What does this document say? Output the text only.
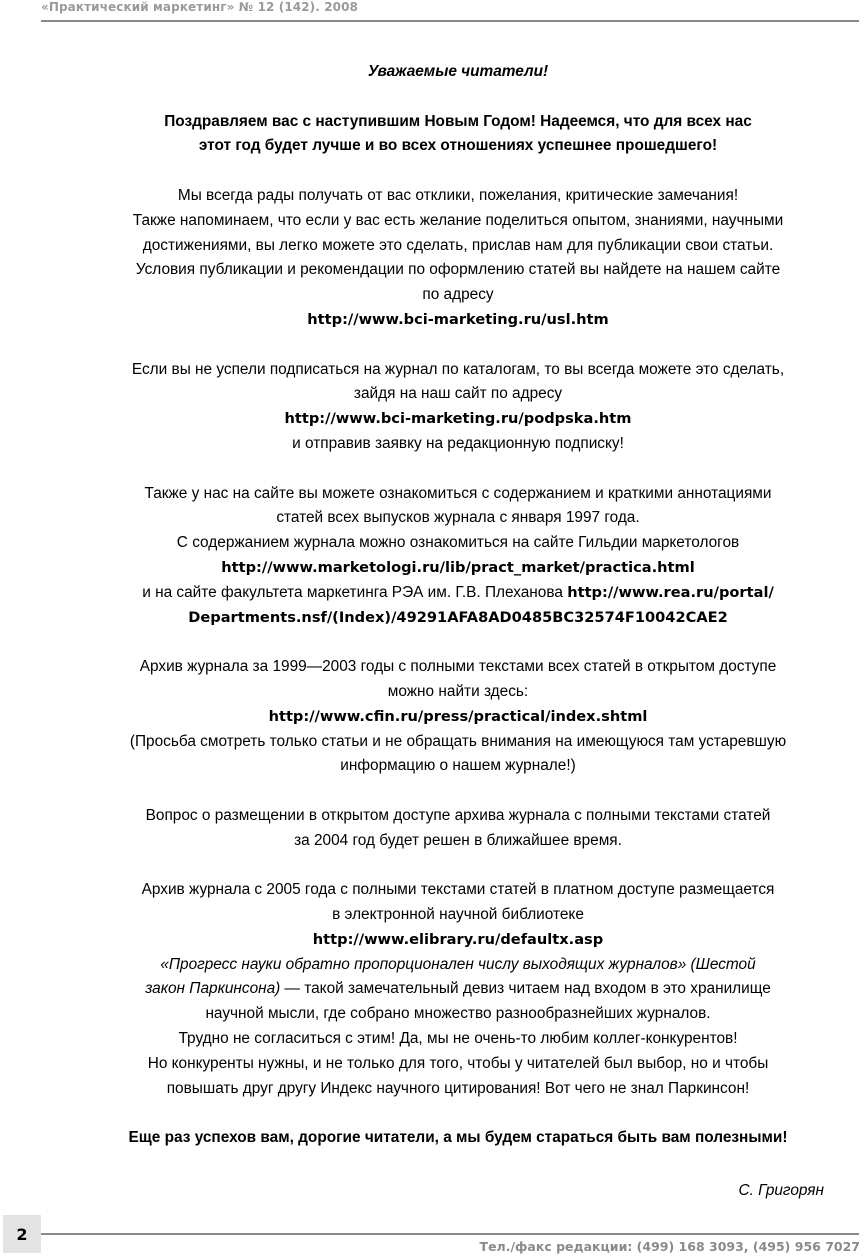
«Практический маркетинг» № 12 (142). 2008

Уважаемые читатели!

Поздравляем вас с наступившим Новым Годом! Надеемся, что для всех нас

этот год будет лучше и во всех отношениях успешнее прошедшего!

Мы всегда рады получать от вас отклики, пожелания, критические замечания!

Также напоминаем, что если у вас есть желание поделиться опытом, знаниями, научными

достижениями, вы легко можете это сделать, прислав нам для публикации свои статьи.

Условия публикации и рекомендации по оформлению статей вы найдете на нашем сайте

по адресу

http://www.bci-marketing.ru/usl.htm

Если вы не успели подписаться на журнал по каталогам, то вы всегда можете это сделать,

зайдя на наш сайт по адресу

http://www.bci-marketing.ru/podpska.htm

и отправив заявку на редакционную подписку!

Также у нас на сайте вы можете ознакомиться с содержанием и краткими аннотациями

статей всех выпусков журнала с января 1997 года.

С содержанием журнала можно ознакомиться на сайте Гильдии маркетологов

http://www.marketologi.ru/lib/pract_market/practica.html

и на сайте факультета маркетинга РЭА им. Г.В. Плеханова http://www.rea.ru/portal/

Departments.nsf/(Index)/49291AFA8AD0485BC32574F10042CAE2

Архив журнала за 1999—2003 годы с полными текстами всех статей в открытом доступе

можно найти здесь:

http://www.cfin.ru/press/practical/index.shtml

(Просьба смотреть только статьи и не обращать внимания на имеющуюся там устаревшую

информацию о нашем журнале!)

Вопрос о размещении в открытом доступе архива журнала с полными текстами статей

за 2004 год будет решен в ближайшее время.

Архив журнала с 2005 года с полными текстами статей в платном доступе размещается

в электронной научной библиотеке

http://www.elibrary.ru/defaultx.asp

«Прогресс науки обратно пропорционален числу выходящих журналов» (Шестой

закон Паркинсона) — такой замечательный девиз читаем над входом в это хранилище

научной мысли, где собрано множество разнообразнейших журналов.

Трудно не согласиться с этим! Да, мы не очень-то любим коллег-конкурентов!

Но конкуренты нужны, и не только для того, чтобы у читателей был выбор, но и чтобы

повышать друг другу Индекс научного цитирования! Вот чего не знал Паркинсон!

Еще раз успехов вам, дорогие читатели, а мы будем стараться быть вам полезными!

С. Григорян
2
Тел./факс редакции: (499) 168 3093, (495) 956 7027
